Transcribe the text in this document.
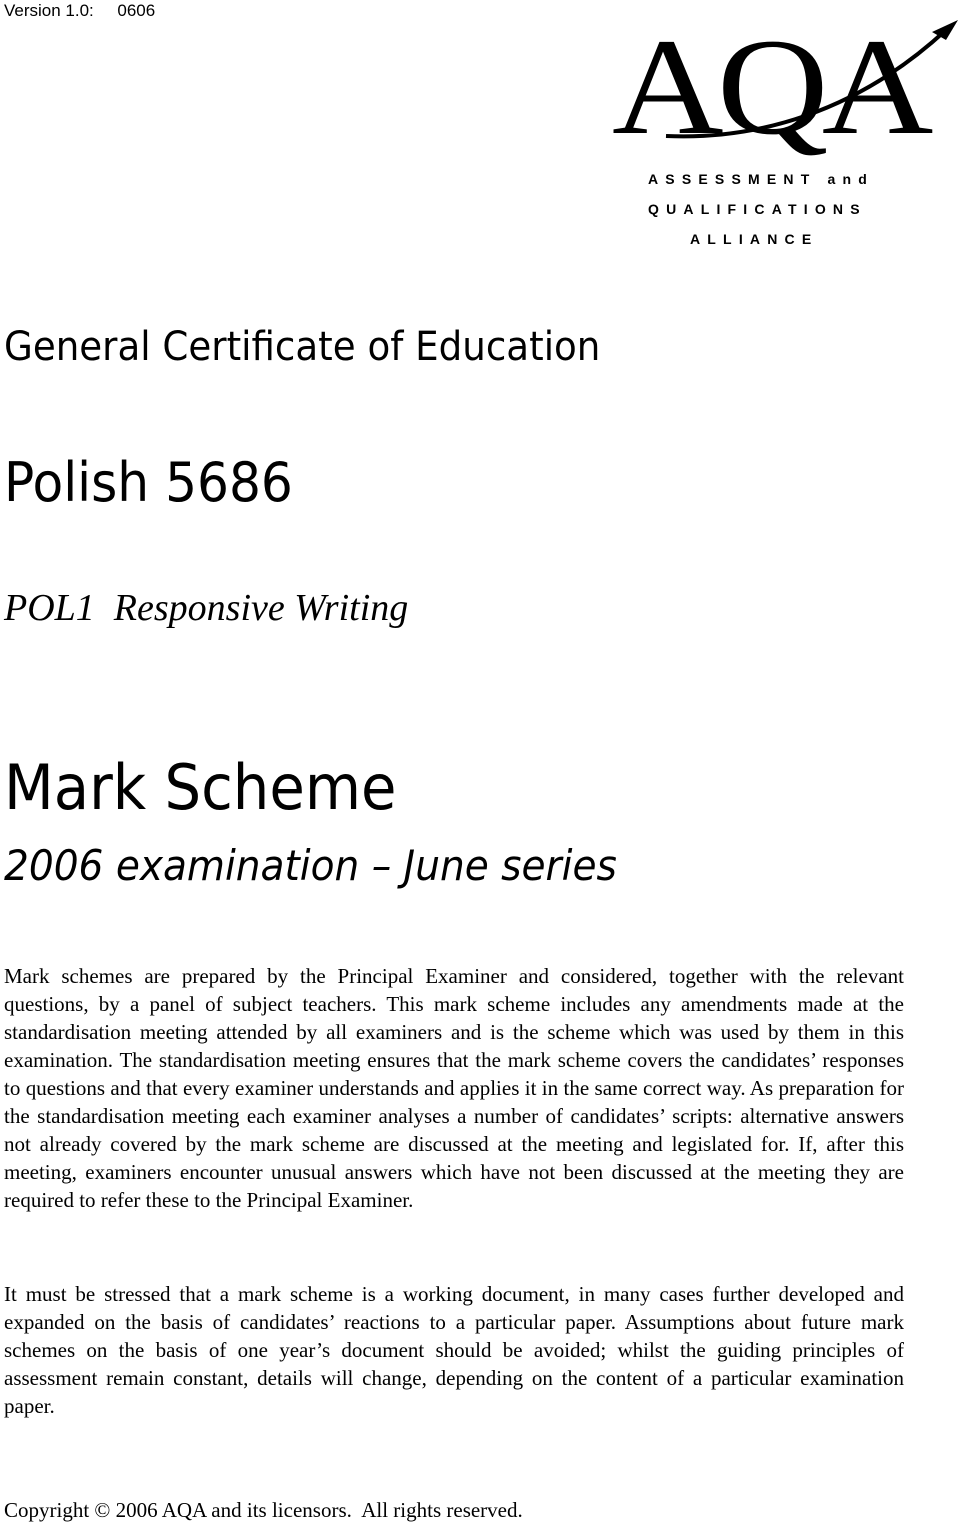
Version 1.0:     0606	AQA
ASSESSMENT and
QUALIFICATIONS
ALLIANCE
General Certificate of Education
Polish 5686
POL1  Responsive Writing
Mark Scheme
2006 examination – June series

Mark schemes are prepared by the Principal Examiner and considered, together with the relevant questions, by a panel of subject teachers. This mark scheme includes any amendments made at the standardisation meeting attended by all examiners and is the scheme which was used by them in this examination. The standardisation meeting ensures that the mark scheme covers the candidates’ responses to questions and that every examiner understands and applies it in the same correct way. As preparation for the standardisation meeting each examiner analyses a number of candidates’ scripts: alternative answers not already covered by the mark scheme are discussed at the meeting and legislated for. If, after this meeting, examiners encounter unusual answers which have not been discussed at the meeting they are required to refer these to the Principal Examiner.

It must be stressed that a mark scheme is a working document, in many cases further developed and expanded on the basis of candidates’ reactions to a particular paper. Assumptions about future mark schemes on the basis of one year’s document should be avoided; whilst the guiding principles of assessment remain constant, details will change, depending on the content of a particular examination paper.

Copyright © 2006 AQA and its licensors.  All rights reserved.
